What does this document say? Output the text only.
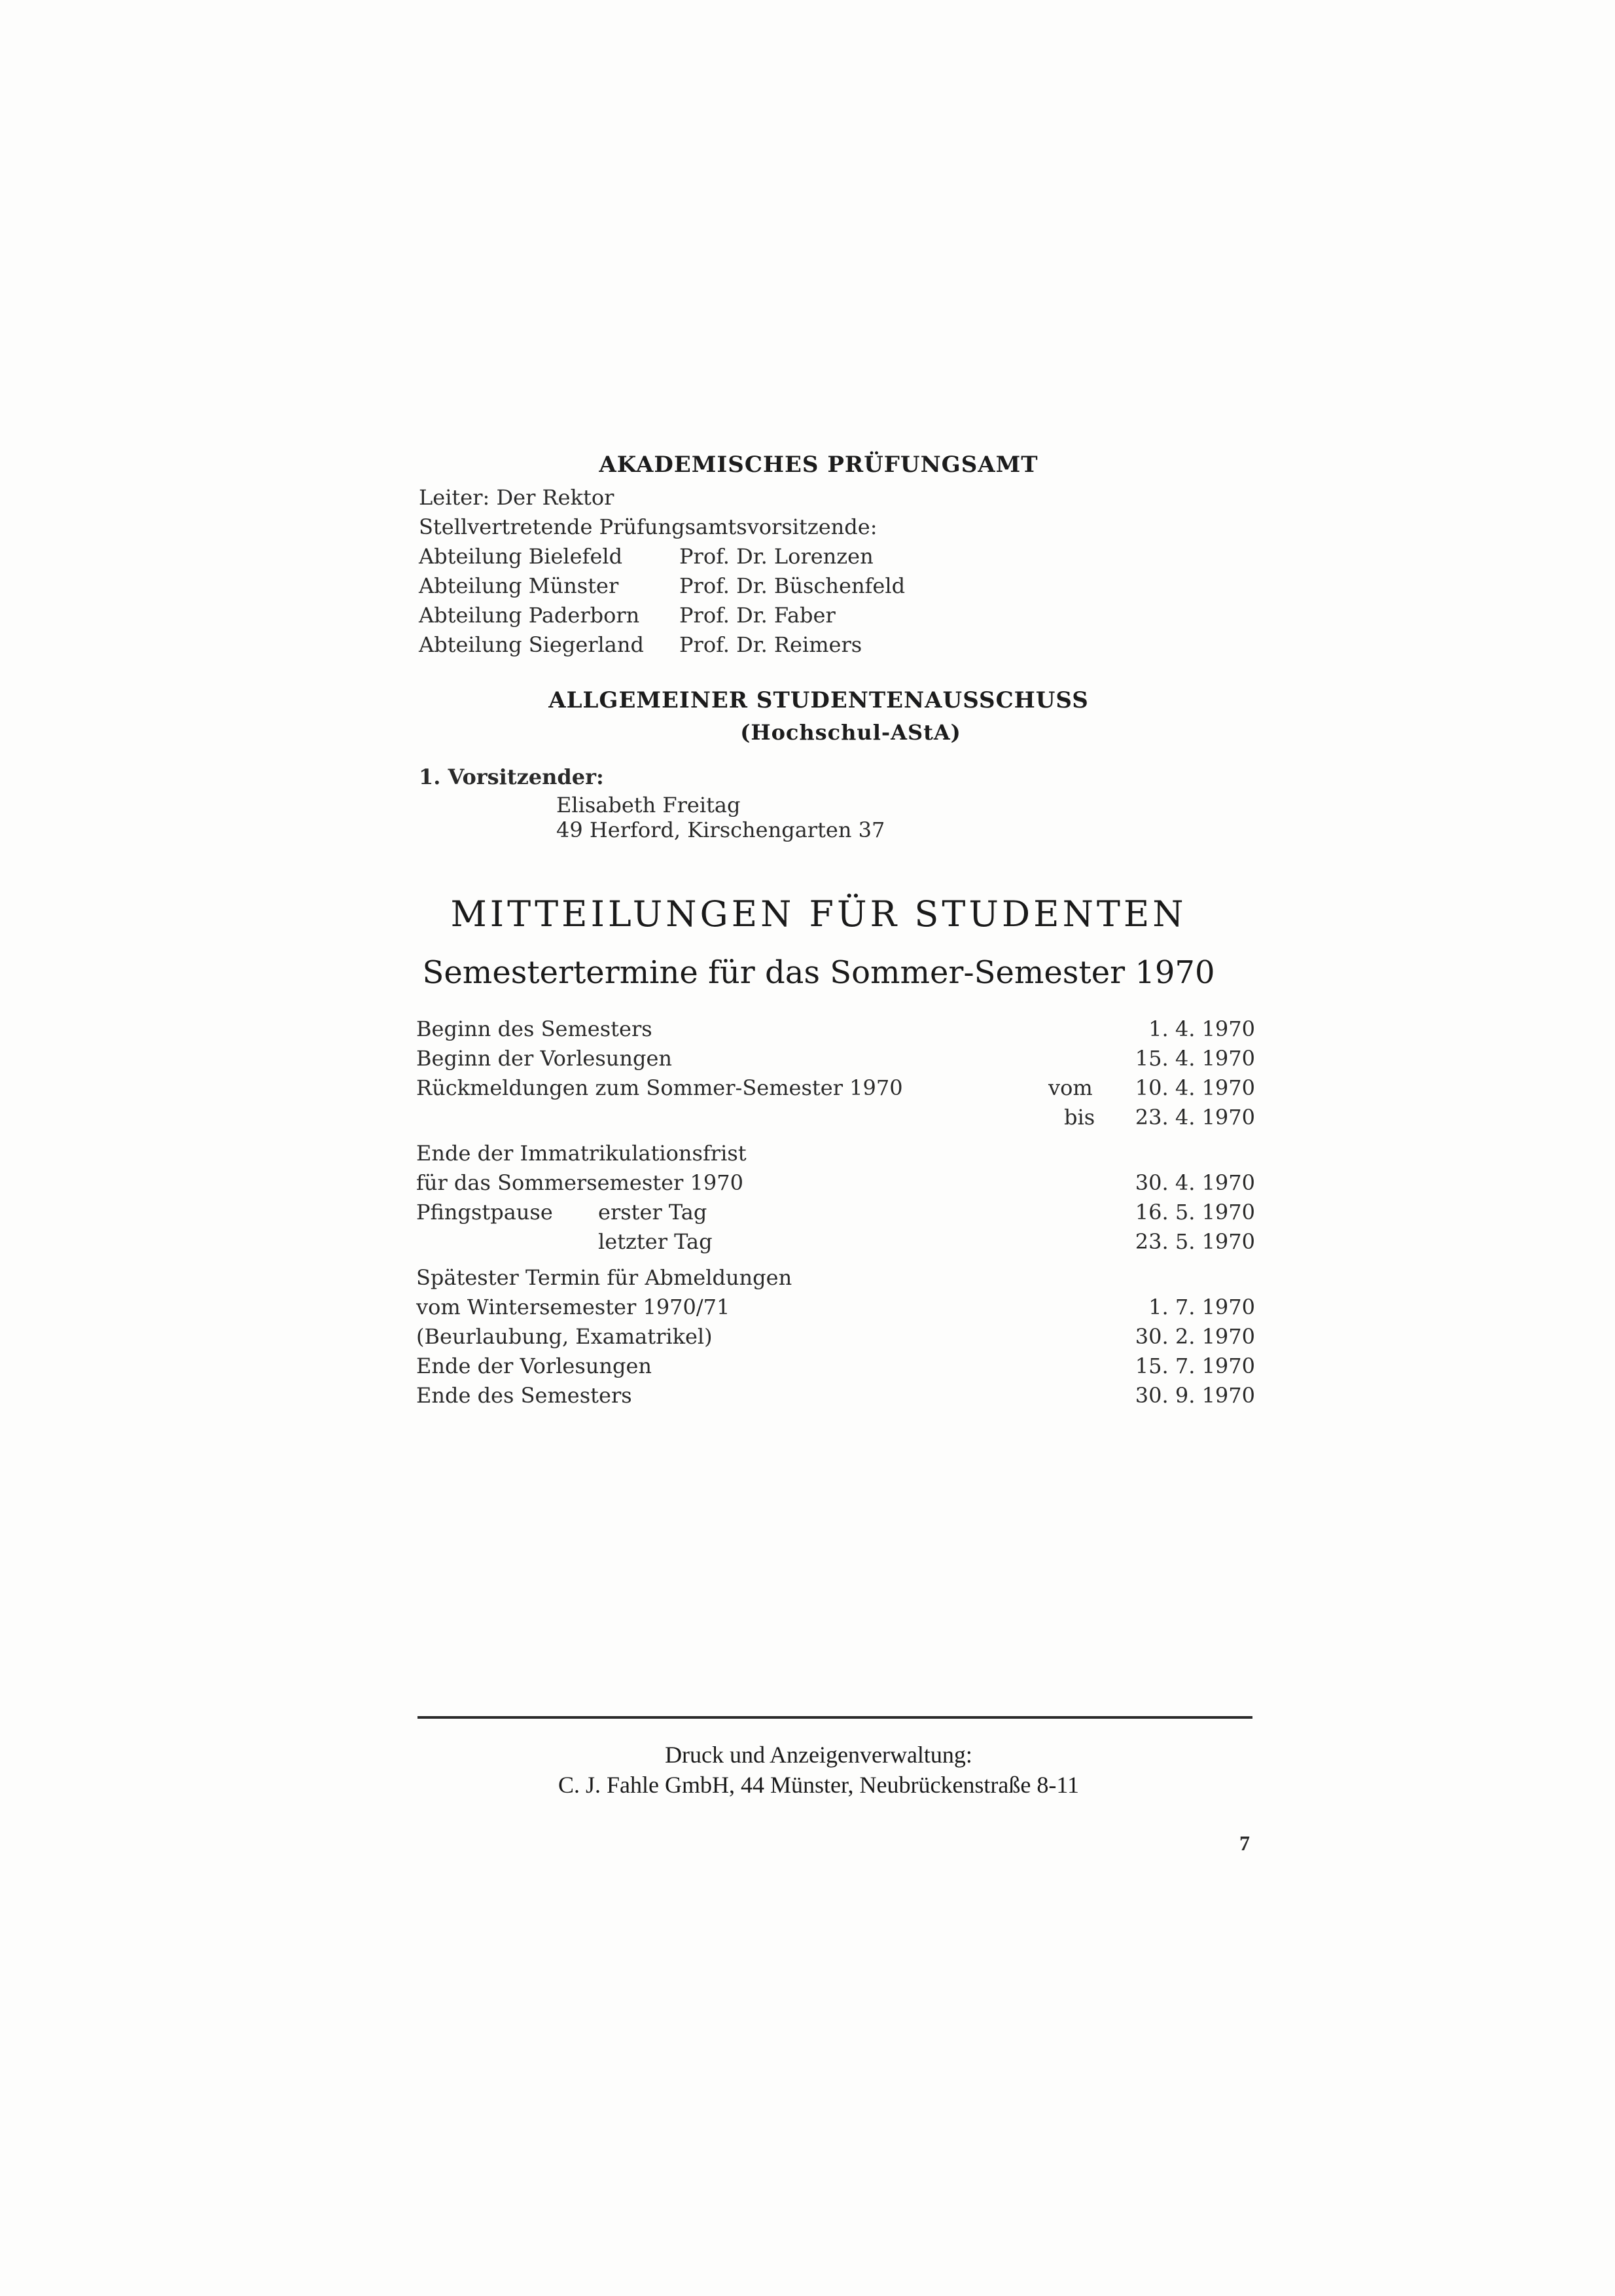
AKADEMISCHES PRÜFUNGSAMT
Leiter: Der Rektor
Stellvertretende Prüfungsamtsvorsitzende:
Abteilung Bielefeld	Prof. Dr. Lorenzen
Abteilung Münster	Prof. Dr. Büschenfeld
Abteilung Paderborn Prof. Dr. Faber
Abteilung Siegerland Prof. Dr. Reimers
ALLGEMEINER STUDENTENAUSSCHUSS
(Hochschul-AStA)
1. Vorsitzender:
Elisabeth Freitag
49 Herford, Kirschengarten 37
MITTEILUNGEN FÜR STUDENTEN
Semestertermine für das Sommer-Semester 1970
Beginn des Semesters	1. 4. 1970
Beginn der Vorlesungen	15. 4. 1970
Rückmeldungen zum Sommer-Semester 1970	vom 10. 4. 1970
bis 23. 4. 1970
Ende der Immatrikulationsfrist
für das Sommersemester 1970	30. 4. 1970
Pfingstpause erster Tag	16. 5. 1970
letzter Tag	23. 5. 1970
Spätester Termin für Abmeldungen
vom Wintersemester 1970/71	1. 7. 1970
(Beurlaubung, Examatrikel)	30. 2. 1970
Ende der Vorlesungen	15. 7. 1970
Ende des Semesters	30. 9. 1970
Druck und Anzeigenverwaltung:
C. J. Fahle GmbH, 44 Münster, Neubrückenstraße 8-11
7
